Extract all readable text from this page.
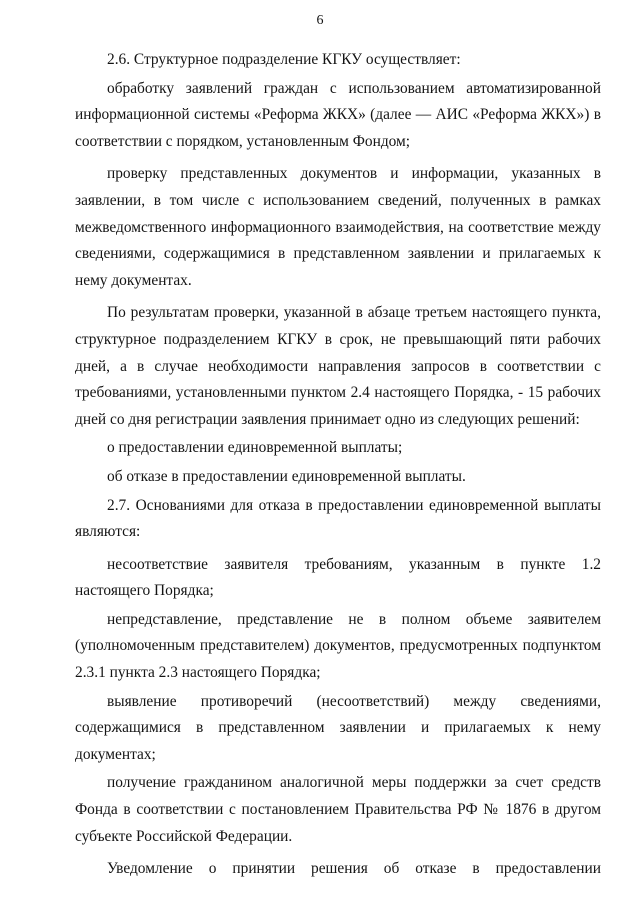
6

2.6. Структурное подразделение КГКУ осуществляет:

обработку заявлений граждан с использованием автоматизированной информационной системы «Реформа ЖКХ» (далее — АИС «Реформа ЖКХ») в соответствии с порядком, установленным Фондом;

проверку представленных документов и информации, указанных в заявлении, в том числе с использованием сведений, полученных в рамках межведомственного информационного взаимодействия, на соответствие между сведениями, содержащимися в представленном заявлении и прилагаемых к нему документах.

По результатам проверки, указанной в абзаце третьем настоящего пункта, структурное подразделением КГКУ в срок, не превышающий пяти рабочих дней, а в случае необходимости направления запросов в соответствии с требованиями, установленными пунктом 2.4 настоящего Порядка, - 15 рабочих дней со дня регистрации заявления принимает одно из следующих решений:

о предоставлении единовременной выплаты;

об отказе в предоставлении единовременной выплаты.

2.7. Основаниями для отказа в предоставлении единовременной выплаты являются:

несоответствие заявителя требованиям, указанным в пункте 1.2 настоящего Порядка;

непредставление, представление не в полном объеме заявителем (уполномоченным представителем) документов, предусмотренных подпунктом 2.3.1 пункта 2.3 настоящего Порядка;

выявление противоречий (несоответствий) между сведениями, содержащимися в представленном заявлении и прилагаемых к нему документах;

получение гражданином аналогичной меры поддержки за счет средств Фонда в соответствии с постановлением Правительства РФ № 1876 в другом субъекте Российской Федерации.

Уведомление о принятии решения об отказе в предоставлении
